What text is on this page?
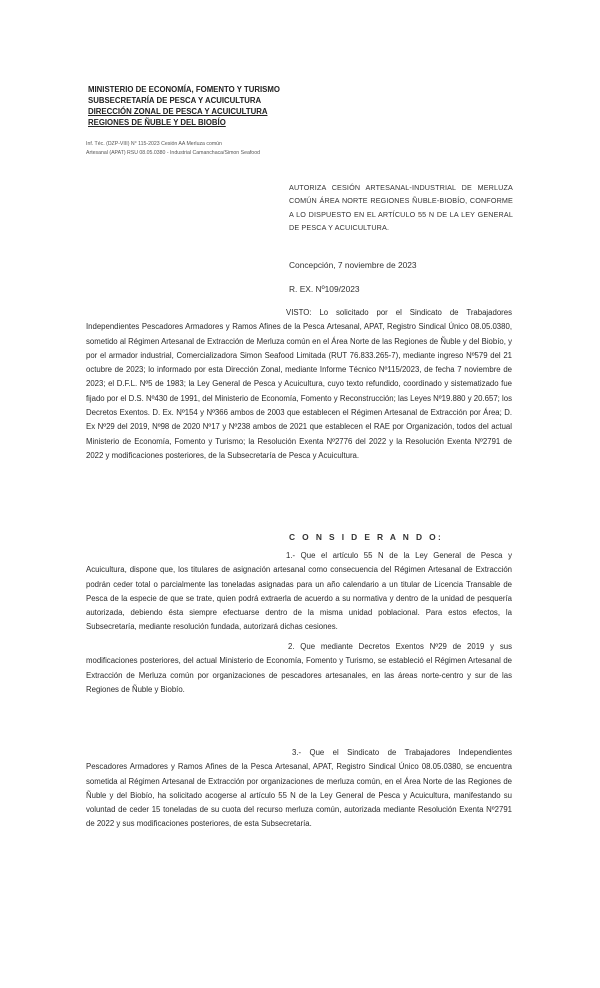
MINISTERIO DE ECONOMÍA, FOMENTO Y TURISMO
SUBSECRETARÍA DE PESCA Y ACUICULTURA
DIRECCIÓN ZONAL DE PESCA Y ACUICULTURA
REGIONES DE ÑUBLE Y DEL BIOBÍO
Inf. Téc. (DZP-VIII) N° 115-2023 Cesión AA Merluza común
Artesanal (APAT) RSU 08.05.0380 - Industrial Camanchaca/Simon Seafood
AUTORIZA CESIÓN ARTESANAL-INDUSTRIAL DE MERLUZA COMÚN ÁREA NORTE REGIONES ÑUBLE-BIOBÍO, CONFORME A LO DISPUESTO EN EL ARTÍCULO 55 N DE LA LEY GENERAL DE PESCA Y ACUICULTURA.
Concepción, 7 noviembre de 2023
R. EX. Nº109/2023
VISTO: Lo solicitado por el Sindicato de Trabajadores Independientes Pescadores Armadores y Ramos Afines de la Pesca Artesanal, APAT, Registro Sindical Único 08.05.0380, sometido al Régimen Artesanal de Extracción de Merluza común en el Área Norte de las Regiones de Ñuble y del Biobío, y por el armador industrial, Comercializadora Simon Seafood Limitada (RUT 76.833.265-7), mediante ingreso Nº579 del 21 octubre de 2023; lo informado por esta Dirección Zonal, mediante Informe Técnico Nº115/2023, de fecha 7 noviembre de 2023; el D.F.L. Nº5 de 1983; la Ley General de Pesca y Acuicultura, cuyo texto refundido, coordinado y sistematizado fue fijado por el D.S. Nº430 de 1991, del Ministerio de Economía, Fomento y Reconstrucción; las Leyes Nº19.880 y 20.657; los Decretos Exentos. D. Ex. Nº154 y Nº366 ambos de 2003 que establecen el Régimen Artesanal de Extracción por Área; D. Ex Nº29 del 2019, Nº98 de 2020 Nº17 y Nº238 ambos de 2021 que establecen el RAE por Organización, todos del actual Ministerio de Economía, Fomento y Turismo; la Resolución Exenta Nº2776 del 2022 y la Resolución Exenta Nº2791 de 2022 y modificaciones posteriores, de la Subsecretaría de Pesca y Acuicultura.
C O N S I D E R A N D O:
1.- Que el artículo 55 N de la Ley General de Pesca y Acuicultura, dispone que, los titulares de asignación artesanal como consecuencia del Régimen Artesanal de Extracción podrán ceder total o parcialmente las toneladas asignadas para un año calendario a un titular de Licencia Transable de Pesca de la especie de que se trate, quien podrá extraerla de acuerdo a su normativa y dentro de la unidad de pesquería autorizada, debiendo ésta siempre efectuarse dentro de la misma unidad poblacional. Para estos efectos, la Subsecretaría, mediante resolución fundada, autorizará dichas cesiones.
2. Que mediante Decretos Exentos Nº29 de 2019 y sus modificaciones posteriores, del actual Ministerio de Economía, Fomento y Turismo, se estableció el Régimen Artesanal de Extracción de Merluza común por organizaciones de pescadores artesanales, en las áreas norte-centro y sur de las Regiones de Ñuble y Biobío.
3.- Que el Sindicato de Trabajadores Independientes Pescadores Armadores y Ramos Afines de la Pesca Artesanal, APAT, Registro Sindical Único 08.05.0380, se encuentra sometida al Régimen Artesanal de Extracción por organizaciones de merluza común, en el Área Norte de las Regiones de Ñuble y del Biobío, ha solicitado acogerse al artículo 55 N de la Ley General de Pesca y Acuicultura, manifestando su voluntad de ceder 15 toneladas de su cuota del recurso merluza común, autorizada mediante Resolución Exenta Nº2791 de 2022 y sus modificaciones posteriores, de esta Subsecretaría.
